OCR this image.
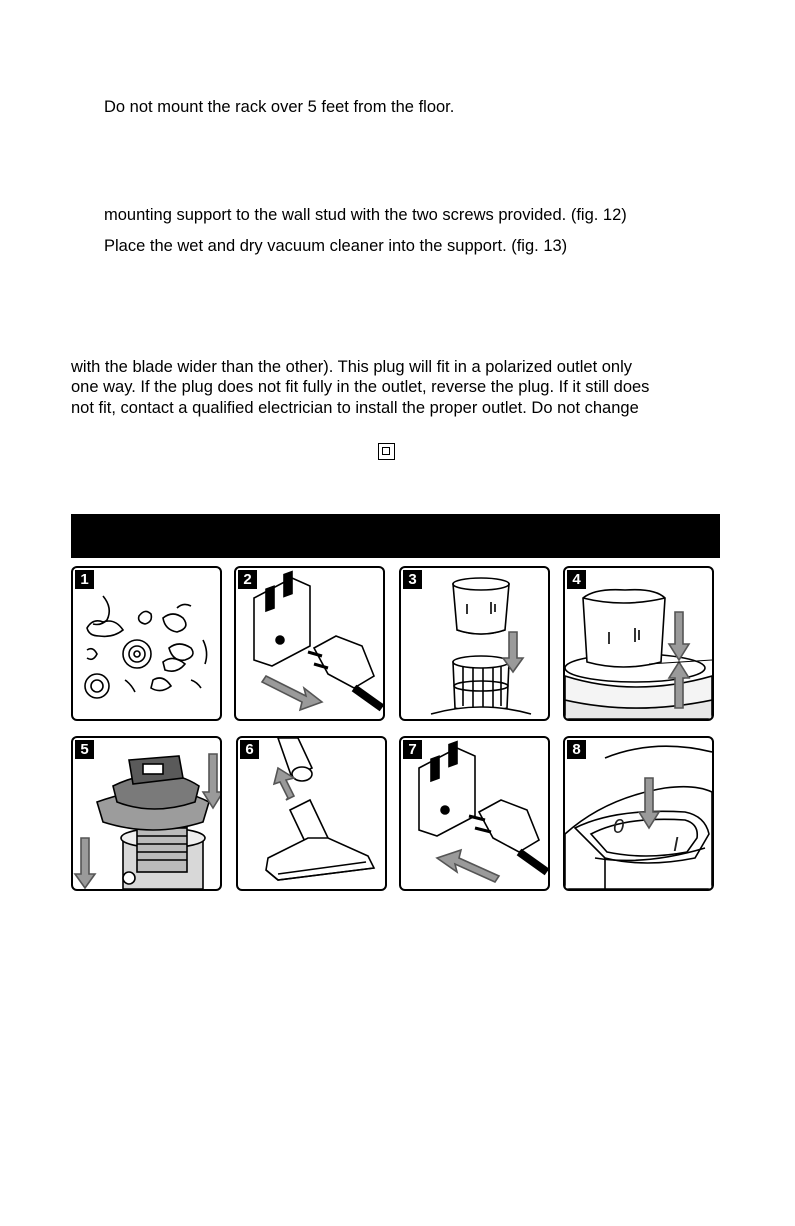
Do not mount the rack over 5 feet from the floor.
mounting support to the wall stud with the two screws provided. (fig. 12)
Place the wet and dry vacuum cleaner into the support. (fig. 13)
with the blade wider than the other). This plug will fit in a polarized outlet only
one way. If the plug does not fit fully in the outlet, reverse the plug. If it still does
not fit, contact a qualified electrician to install the proper outlet. Do not change
1	2	3	4
5	6	7	8
0
I
